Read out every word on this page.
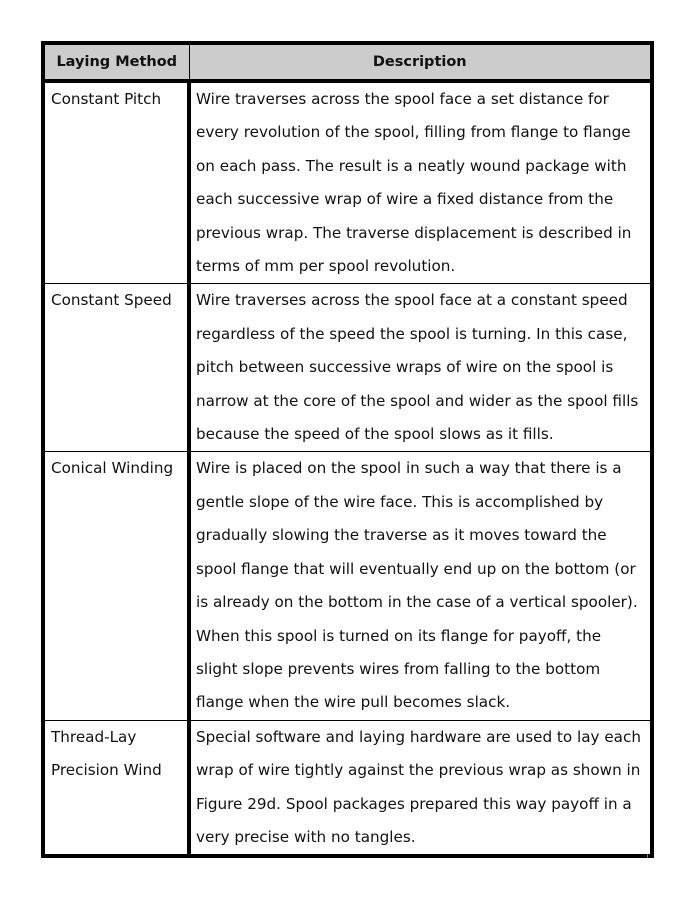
Laying Method	Description
Constant Pitch	Wire traverses across the spool face a set distance for every revolution of the spool, filling from flange to flange on each pass. The result is a neatly wound package with each successive wrap of wire a fixed distance from the previous wrap. The traverse displacement is described in terms of mm per spool revolution.
Constant Speed	Wire traverses across the spool face at a constant speed regardless of the speed the spool is turning. In this case, pitch between successive wraps of wire on the spool is narrow at the core of the spool and wider as the spool fills because the speed of the spool slows as it fills.
Conical Winding	Wire is placed on the spool in such a way that there is a gentle slope of the wire face. This is accomplished by gradually slowing the traverse as it moves toward the spool flange that will eventually end up on the bottom (or is already on the bottom in the case of a vertical spooler). When this spool is turned on its flange for payoff, the slight slope prevents wires from falling to the bottom flange when the wire pull becomes slack.
Thread-Lay Precision Wind	Special software and laying hardware are used to lay each wrap of wire tightly against the previous wrap as shown in Figure 29d. Spool packages prepared this way payoff in a very precise with no tangles.
